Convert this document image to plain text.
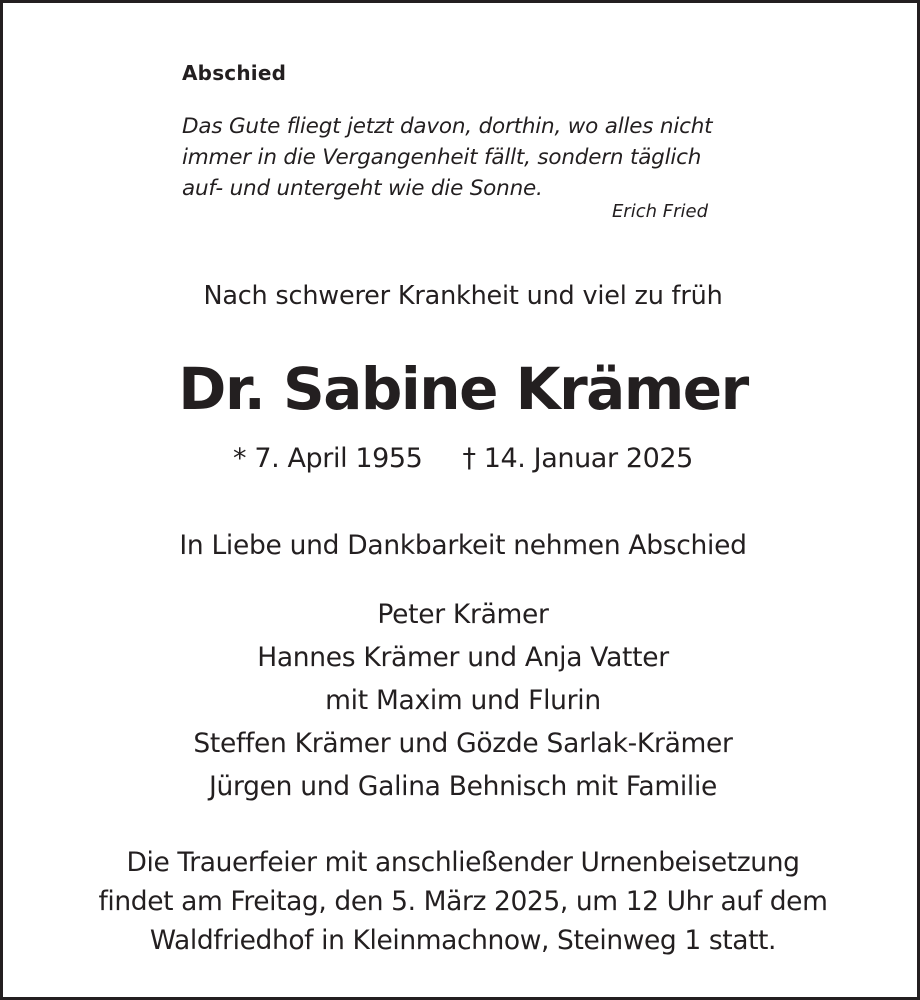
Abschied
Das Gute fliegt jetzt davon, dorthin, wo alles nicht
immer in die Vergangenheit fällt, sondern täglich
auf- und untergeht wie die Sonne.
Erich Fried
Nach schwerer Krankheit und viel zu früh
Dr. Sabine Krämer
* 7. April 1955 † 14. Januar 2025
In Liebe und Dankbarkeit nehmen Abschied
Peter Krämer
Hannes Krämer und Anja Vatter
mit Maxim und Flurin
Steffen Krämer und Gözde Sarlak-Krämer
Jürgen und Galina Behnisch mit Familie
Die Trauerfeier mit anschließender Urnenbeisetzung
findet am Freitag, den 5. März 2025, um 12 Uhr auf dem
Waldfriedhof in Kleinmachnow, Steinweg 1 statt.
